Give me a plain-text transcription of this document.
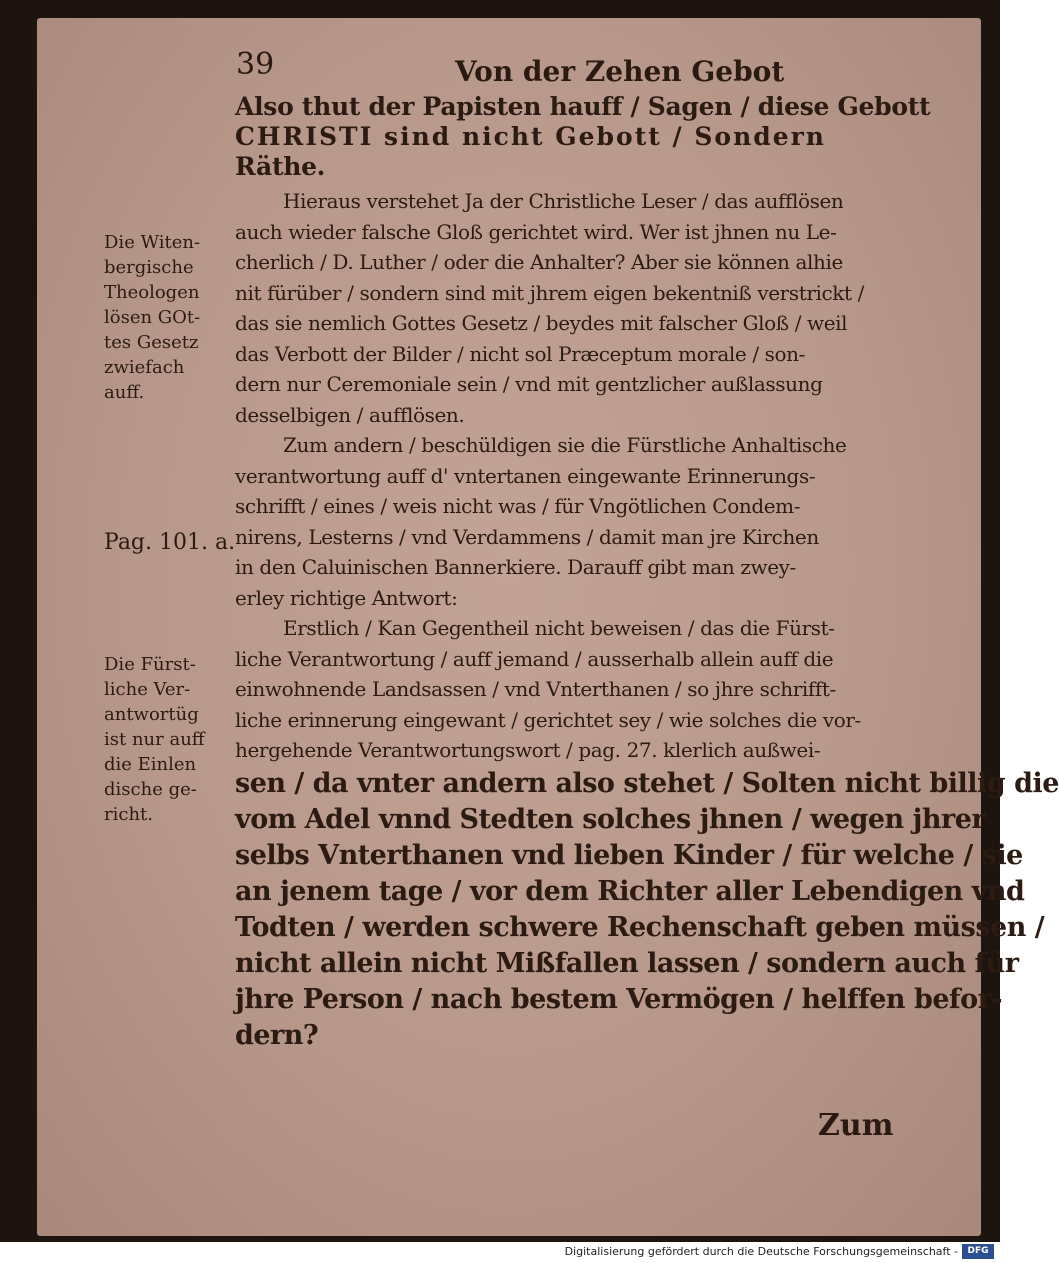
39	Von der Zehen Gebot
Also thut der Papisten hauff / Sagen / diese Gebott
CHRISTI sind nicht Gebott / Sondern
Räthe.
Hieraus verstehet Ja der Christliche Leser / das aufflösen
auch wieder falsche Gloß gerichtet wird. Wer ist jhnen nu Le-
cherlich / D. Luther / oder die Anhalter? Aber sie können alhie
nit fürüber / sondern sind mit jhrem eigen bekentniß verstrickt /
das sie nemlich Gottes Gesetz / beydes mit falscher Gloß / weil
das Verbott der Bilder / nicht sol Præceptum morale / son-
dern nur Ceremoniale sein / vnd mit gentzlicher außlassung
desselbigen / aufflösen.
Zum andern / beschüldigen sie die Fürstliche Anhaltische
verantwortung auff d' vntertanen eingewante Erinnerungs-
schrifft / eines / weis nicht was / für Vngötlichen Condem-
nirens, Lesterns / vnd Verdammens / damit man jre Kirchen
in den Caluinischen Bannerkiere. Darauff gibt man zwey-
erley richtige Antwort:
Erstlich / Kan Gegentheil nicht beweisen / das die Fürst-
liche Verantwortung / auff jemand / ausserhalb allein auff die
einwohnende Landsassen / vnd Vnterthanen / so jhre schrifft-
liche erinnerung eingewant / gerichtet sey / wie solches die vor-
hergehende Verantwortungswort / pag. 27. klerlich außwei-
sen / da vnter andern also stehet / Solten nicht billig die
vom Adel vnnd Stedten solches jhnen / wegen jhrer
selbs Vnterthanen vnd lieben Kinder / für welche / sie
an jenem tage / vor dem Richter aller Lebendigen vnd
Todten / werden schwere Rechenschaft geben müssen /
nicht allein nicht Mißfallen lassen / sondern auch für
jhre Person / nach bestem Vermögen / helffen befor-
dern?
Die Witen-
bergische
Theologen
lösen GOt-
tes Gesetz
zwiefach
auff.
Pag. 101. a.
Die Fürst-
liche Ver-
antwortüg
ist nur auff
die Einlen
dische ge-
richt.
Zum
Digitalisierung gefördert durch die Deutsche Forschungsgemeinschaft -	DFG
